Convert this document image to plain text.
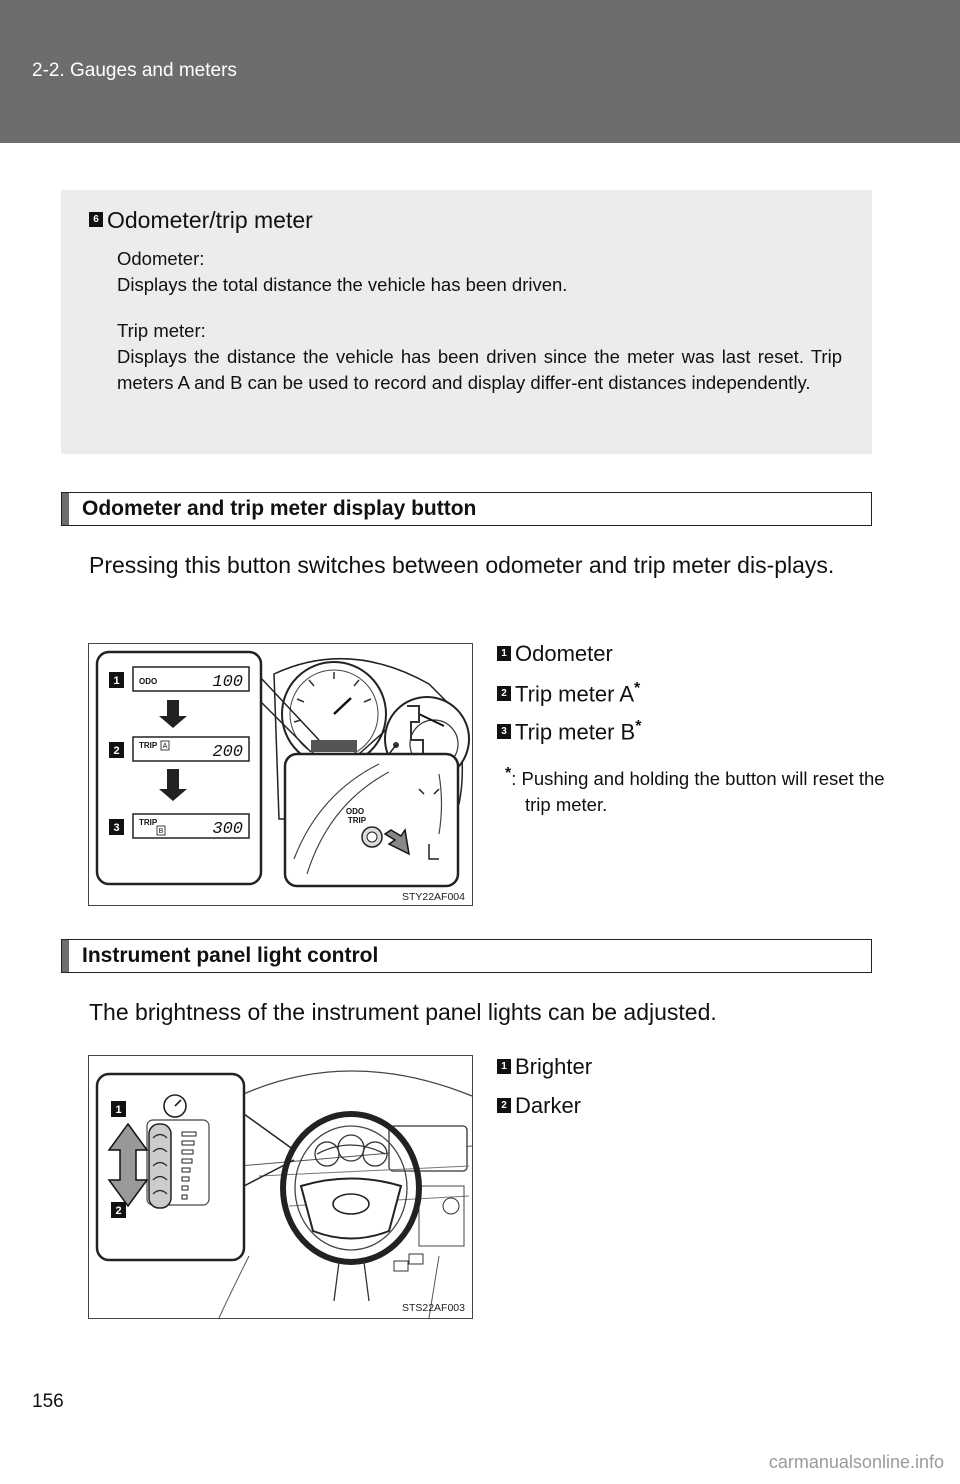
2-2. Gauges and meters
6 Odometer/trip meter
Odometer:
Displays the total distance the vehicle has been driven.
Trip meter:
Displays the distance the vehicle has been driven since the meter was last reset. Trip meters A and B can be used to record and display differ-ent distances independently.
Odometer and trip meter display button
Pressing this button switches between odometer and trip meter dis-plays.
1
2
3
ODO	100
TRIP A	200
TRIP
B	300
ODO
TRIP
STY22AF004
1 Odometer
2 Trip meter A*
3 Trip meter B*
*: Pushing and holding the button will reset the trip meter.
Instrument panel light control
The brightness of the instrument panel lights can be adjusted.
1
2
STS22AF003
1 Brighter
2 Darker
156
carmanualsonline.info
